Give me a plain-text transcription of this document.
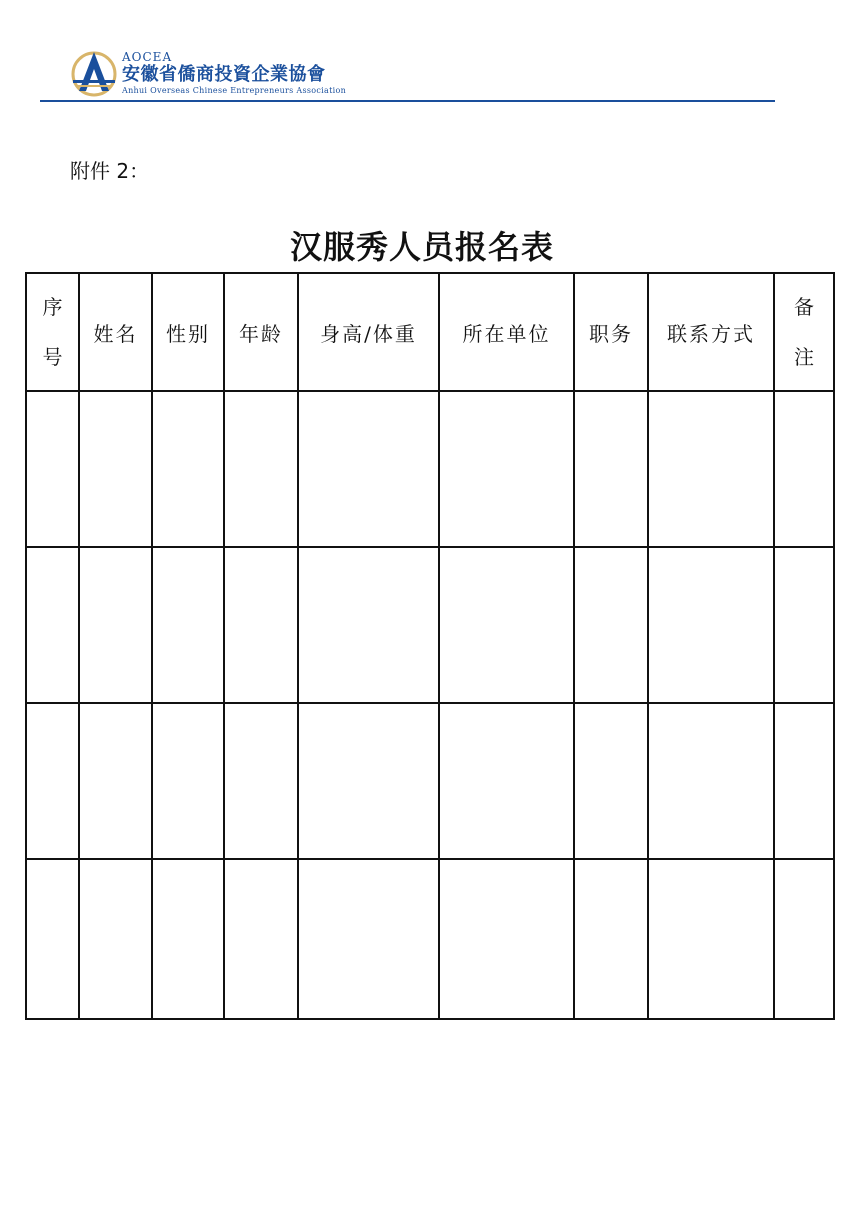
AOCEA
安徽省僑商投資企業協會
Anhui Overseas Chinese Entrepreneurs Association
附件 2：
汉服秀人员报名表
序号	姓名	性别	年龄	身高/体重	所在单位	职务	联系方式	备注
